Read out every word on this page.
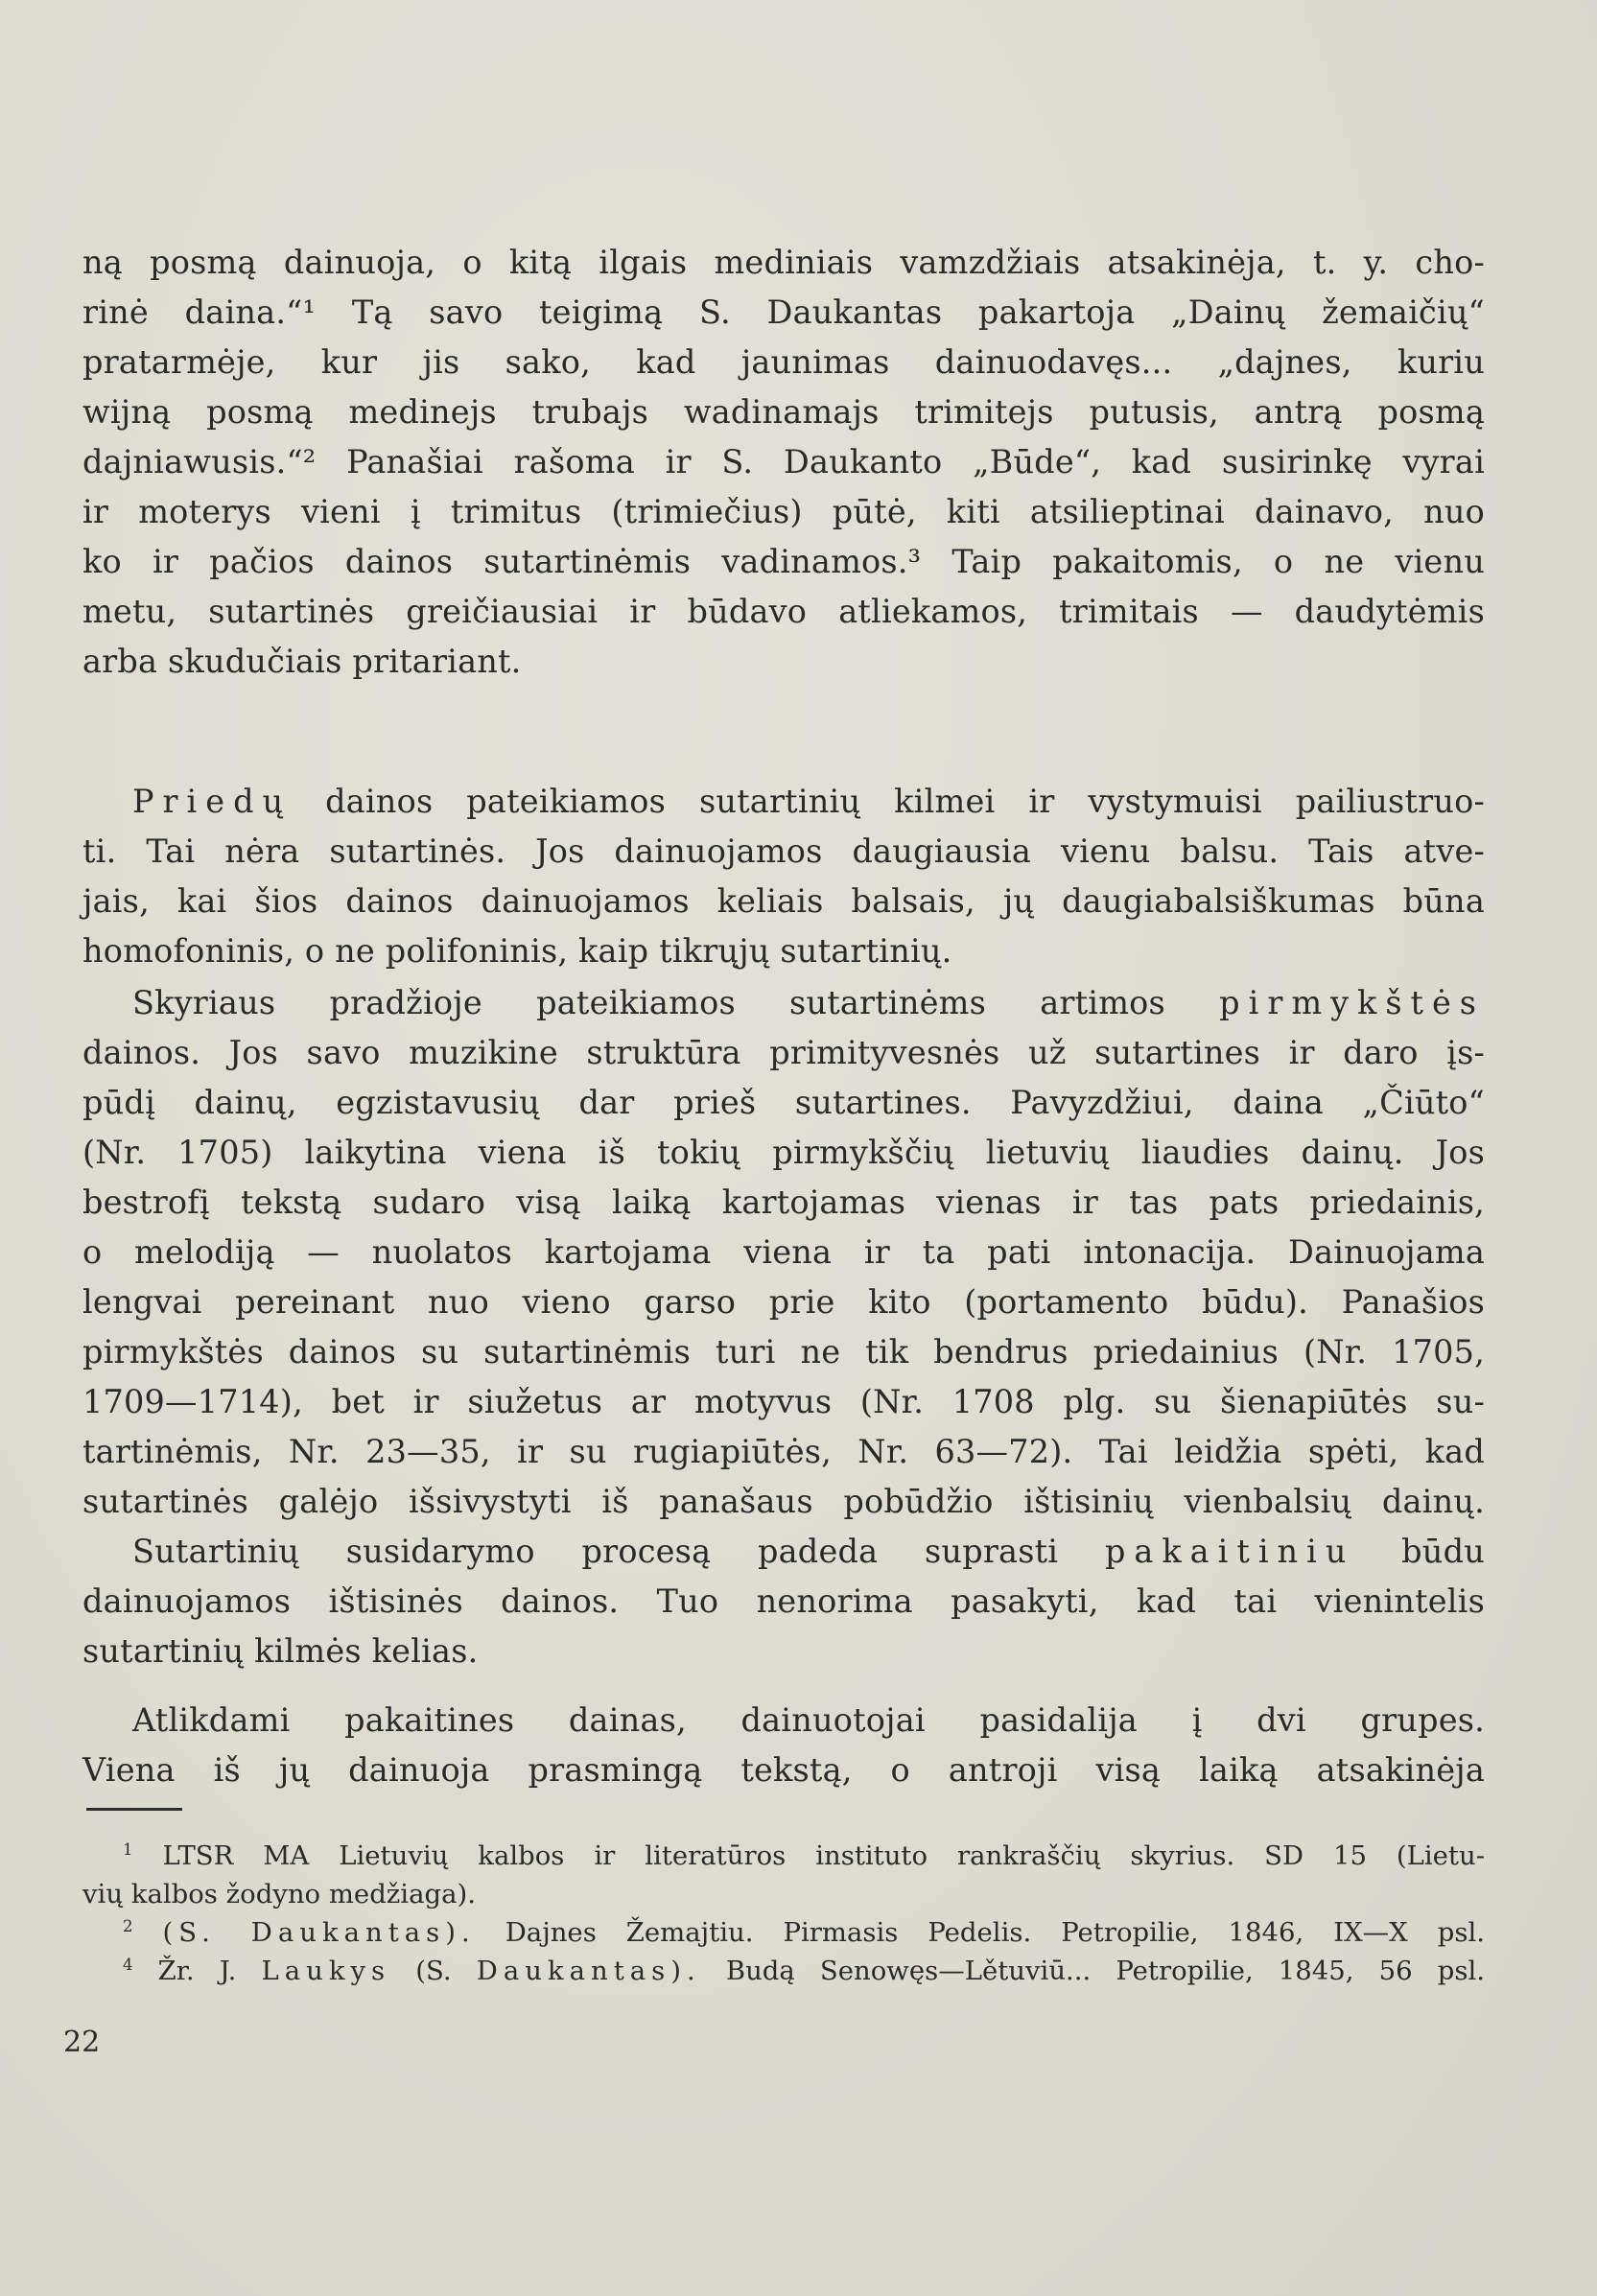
ną posmą dainuoja, o kitą ilgais mediniais vamzdžiais atsakinėja, t. y. cho-
rinė daina.“¹ Tą savo teigimą S. Daukantas pakartoja „Dainų žemaičių“
pratarmėje, kur jis sako, kad jaunimas dainuodavęs... „dajnes, kuriu
wijną posmą medinejs trubajs wadinamajs trimitejs putusis, antrą posmą
dajniawusis.“² Panašiai rašoma ir S. Daukanto „Būde“, kad susirinkę vyrai
ir moterys vieni į trimitus (trimiečius) pūtė, kiti atsilieptinai dainavo, nuo
ko ir pačios dainos sutartinėmis vadinamos.³ Taip pakaitomis, o ne vienu
metu, sutartinės greičiausiai ir būdavo atliekamos, trimitais — daudytėmis
arba skudučiais pritariant.
Priedų dainos pateikiamos sutartinių kilmei ir vystymuisi pailiustruo-
ti. Tai nėra sutartinės. Jos dainuojamos daugiausia vienu balsu. Tais atve-
jais, kai šios dainos dainuojamos keliais balsais, jų daugiabalsiškumas būna
homofoninis, o ne polifoninis, kaip tikrųjų sutartinių.
Skyriaus pradžioje pateikiamos sutartinėms artimos pirmykštės
dainos. Jos savo muzikine struktūra primityvesnės už sutartines ir daro įs-
pūdį dainų, egzistavusių dar prieš sutartines. Pavyzdžiui, daina „Čiūto“
(Nr. 1705) laikytina viena iš tokių pirmykščių lietuvių liaudies dainų. Jos
bestrofį tekstą sudaro visą laiką kartojamas vienas ir tas pats priedainis,
o melodiją — nuolatos kartojama viena ir ta pati intonacija. Dainuojama
lengvai pereinant nuo vieno garso prie kito (portamento būdu). Panašios
pirmykštės dainos su sutartinėmis turi ne tik bendrus priedainius (Nr. 1705,
1709—1714), bet ir siužetus ar motyvus (Nr. 1708 plg. su šienapiūtės su-
tartinėmis, Nr. 23—35, ir su rugiapiūtės, Nr. 63—72). Tai leidžia spėti, kad
sutartinės galėjo išsivystyti iš panašaus pobūdžio ištisinių vienbalsių dainų.
Sutartinių susidarymo procesą padeda suprasti pakaitiniu būdu
dainuojamos ištisinės dainos. Tuo nenorima pasakyti, kad tai vienintelis
sutartinių kilmės kelias.
Atlikdami pakaitines dainas, dainuotojai pasidalija į dvi grupes.
Viena iš jų dainuoja prasmingą tekstą, o antroji visą laiką atsakinėja
$^1$ LTSR MA Lietuvių kalbos ir literatūros instituto rankraščių skyrius. SD 15 (Lietu-
vių kalbos žodyno medžiaga).
$^2$ (S. Daukantas). Dajnes Žemajtiu. Pirmasis Pedelis. Petropilie, 1846, IX—X psl.
$^4$ Žr. J. Laukys (S. Daukantas). Budą Senowęs—Lětuviū... Petropilie, 1845, 56 psl.
22
